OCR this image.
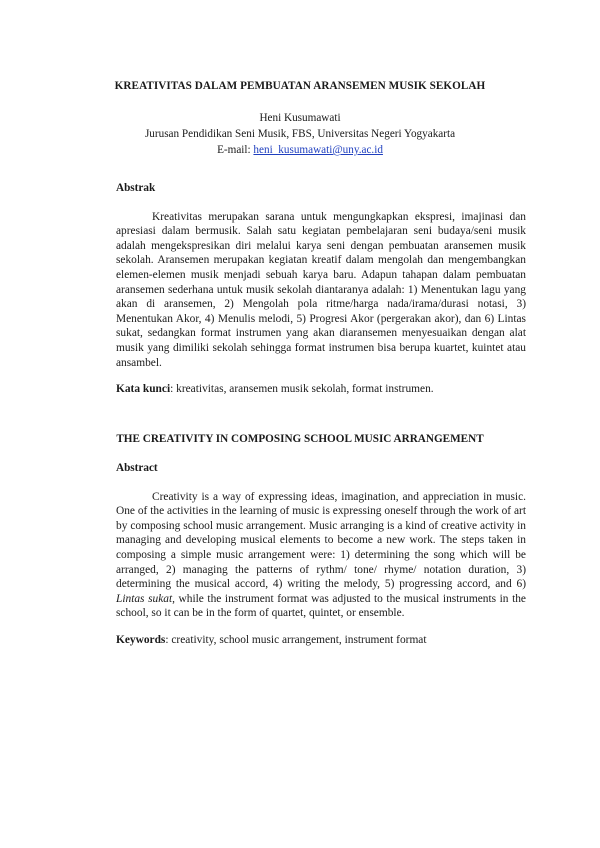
KREATIVITAS DALAM PEMBUATAN ARANSEMEN MUSIK SEKOLAH
Heni Kusumawati
Jurusan Pendidikan Seni Musik, FBS, Universitas Negeri Yogyakarta
E-mail: heni_kusumawati@uny.ac.id
Abstrak

Kreativitas merupakan sarana untuk mengungkapkan ekspresi, imajinasi dan apresiasi dalam bermusik. Salah satu kegiatan pembelajaran seni budaya/seni musik adalah mengekspresikan diri melalui karya seni dengan pembuatan aransemen musik sekolah. Aransemen merupakan kegiatan kreatif dalam mengolah dan mengembangkan elemen-elemen musik menjadi sebuah karya baru. Adapun tahapan dalam pembuatan aransemen sederhana untuk musik sekolah diantaranya adalah: 1) Menentukan lagu yang akan di aransemen, 2) Mengolah pola ritme/harga nada/irama/durasi notasi, 3) Menentukan Akor, 4) Menulis melodi, 5) Progresi Akor (pergerakan akor), dan 6) Lintas sukat, sedangkan format instrumen yang akan diaransemen menyesuaikan dengan alat musik yang dimiliki sekolah sehingga format instrumen bisa berupa kuartet, kuintet atau ansambel.

Kata kunci: kreativitas, aransemen musik sekolah, format instrumen.

THE CREATIVITY IN COMPOSING SCHOOL MUSIC ARRANGEMENT
Abstract

Creativity is a way of expressing ideas, imagination, and appreciation in music. One of the activities in the learning of music is expressing oneself through the work of art by composing school music arrangement. Music arranging is a kind of creative activity in managing and developing musical elements to become a new work. The steps taken in composing a simple music arrangement were: 1) determining the song which will be arranged, 2) managing the patterns of rythm/ tone/ rhyme/ notation duration, 3) determining the musical accord, 4) writing the melody, 5) progressing accord, and 6) Lintas sukat, while the instrument format was adjusted to the musical instruments in the school, so it can be in the form of quartet, quintet, or ensemble.

Keywords: creativity, school music arrangement, instrument format
